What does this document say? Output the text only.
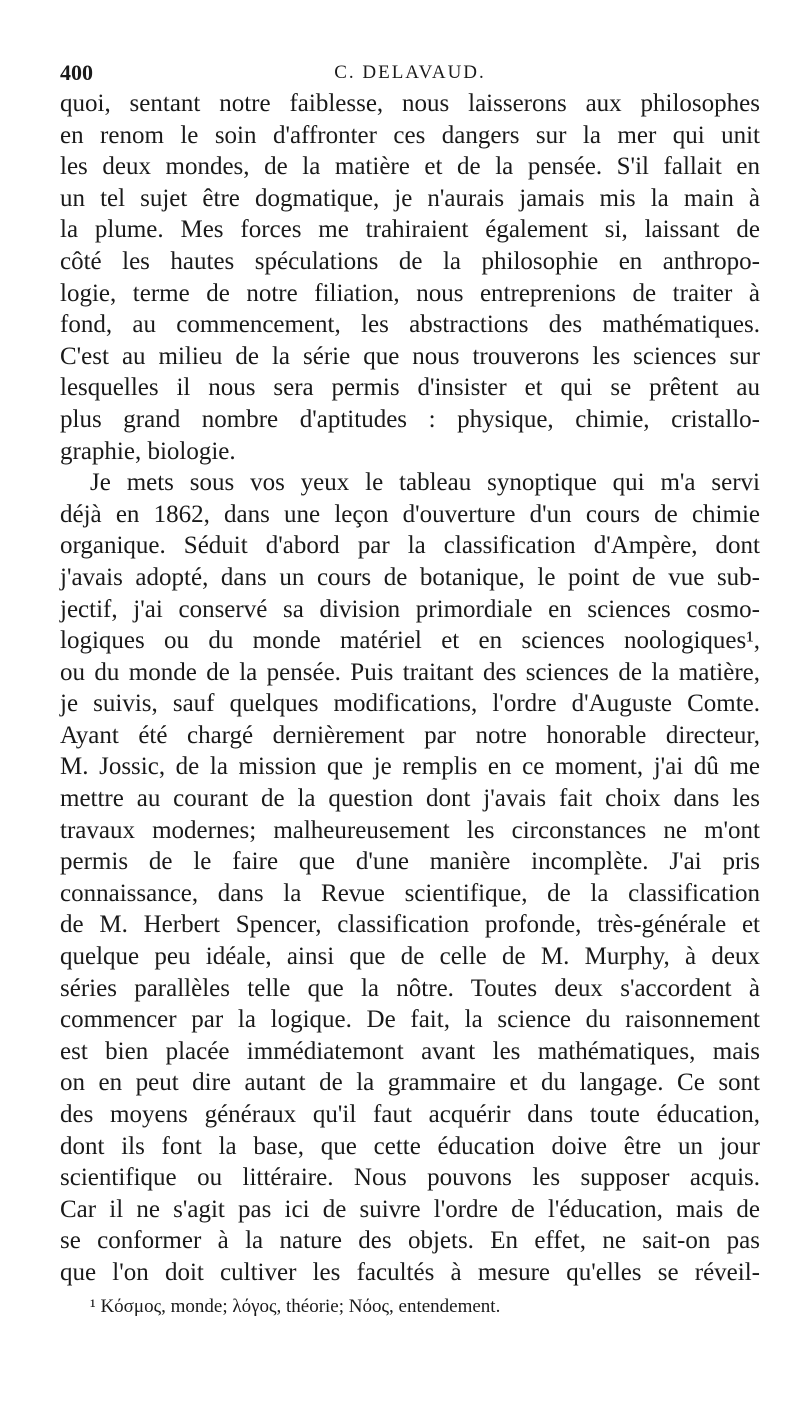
400	C. DELAVAUD.
quoi, sentant notre faiblesse, nous laisserons aux philosophes
en renom le soin d'affronter ces dangers sur la mer qui unit
les deux mondes, de la matière et de la pensée. S'il fallait en
un tel sujet être dogmatique, je n'aurais jamais mis la main à
la plume. Mes forces me trahiraient également si, laissant de
côté les hautes spéculations de la philosophie en anthropo-
logie, terme de notre filiation, nous entreprenions de traiter à
fond, au commencement, les abstractions des mathématiques.
C'est au milieu de la série que nous trouverons les sciences sur
lesquelles il nous sera permis d'insister et qui se prêtent au
plus grand nombre d'aptitudes : physique, chimie, cristallo-
graphie, biologie.
Je mets sous vos yeux le tableau synoptique qui m'a servi
déjà en 1862, dans une leçon d'ouverture d'un cours de chimie
organique. Séduit d'abord par la classification d'Ampère, dont
j'avais adopté, dans un cours de botanique, le point de vue sub-
jectif, j'ai conservé sa division primordiale en sciences cosmo-
logiques ou du monde matériel et en sciences noologiques¹,
ou du monde de la pensée. Puis traitant des sciences de la matière,
je suivis, sauf quelques modifications, l'ordre d'Auguste Comte.
Ayant été chargé dernièrement par notre honorable directeur,
M. Jossic, de la mission que je remplis en ce moment, j'ai dû me
mettre au courant de la question dont j'avais fait choix dans les
travaux modernes; malheureusement les circonstances ne m'ont
permis de le faire que d'une manière incomplète. J'ai pris
connaissance, dans la Revue scientifique, de la classification
de M. Herbert Spencer, classification profonde, très-générale et
quelque peu idéale, ainsi que de celle de M. Murphy, à deux
séries parallèles telle que la nôtre. Toutes deux s'accordent à
commencer par la logique. De fait, la science du raisonnement
est bien placée immédiatemont avant les mathématiques, mais
on en peut dire autant de la grammaire et du langage. Ce sont
des moyens généraux qu'il faut acquérir dans toute éducation,
dont ils font la base, que cette éducation doive être un jour
scientifique ou littéraire. Nous pouvons les supposer acquis.
Car il ne s'agit pas ici de suivre l'ordre de l'éducation, mais de
se conformer à la nature des objets. En effet, ne sait-on pas
que l'on doit cultiver les facultés à mesure qu'elles se réveil-
¹ Κόσμος, monde; λόγος, théorie; Νόος, entendement.
